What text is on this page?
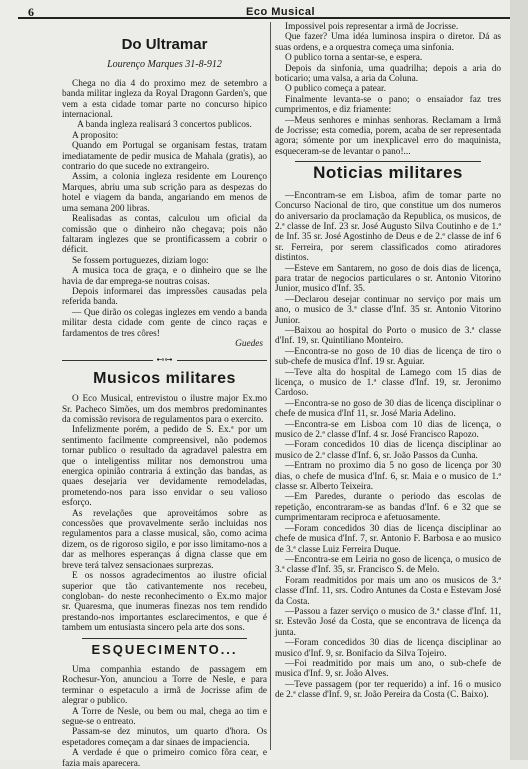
6	Eco Musical
Do Ultramar

Lourenço Marques 31-8-912

Chega no dia 4 do proximo mez de setembro a banda militar ingleza da Royal Dragonn Garden's, que vem a esta cidade tomar parte no concurso hipico internacional.

A banda ingleza realisará 3 concertos publicos.

A proposito:

Quando em Portugal se organisam festas, tratam imediatamente de pedir musica de Mahala (gratis), ao contrario do que sucede no extrangeiro.

Assim, a colonia ingleza residente em Lourenço Marques, abriu uma sub scrição para as despezas do hotel e viagem da banda, angariando em menos de uma semana 200 libras.

Realisadas as contas, calculou um oficial da comissão que o dinheiro não chegava; pois não faltaram inglezes que se prontificassem a cobrir o déficit.

Se fossem portuguezes, diziam logo:

A musica toca de graça, e o dinheiro que se lhe havia de dar emprega-se noutras coisas.

Depois informarei das impressões causadas pela referida banda.

— Que dirão os colegas inglezes em vendo a banda militar desta cidade com gente de cinco raças e fardamentos de tres côres!

Guedes

⊷⊶
Musicos militares

O Eco Musical, entrevistou o ilustre major Ex.mo Sr. Pacheco Simões, um dos membros predominantes da comissão revisora de regulamentos para o exercito.

Infelizmente porém, a pedido de S. Ex.ª por um sentimento facilmente compreensivel, não podemos tornar publico o resultado da agradavel palestra em que o inteligentiss militar nos demonstrou uma energica opinião contraria á extinção das bandas, as quaes desejaria ver devidamente remodeladas, prometendo-nos para isso envidar o seu valioso esforço.

As revelações que aproveitámos sobre as concessões que provavelmente serão incluidas nos regulamentos para a classe musical, são, como acima dizem, os de rigoroso sigilo, e por isso limitamo-nos a dar as melhores esperanças á digna classe que em breve terá talvez sensacionaes surprezas.

E os nossos agradecimentos ao ilustre oficial superior que tão cativantemente nos recebeu, congloban- do neste reconhecimento o Ex.mo major sr. Quaresma, que inumeras finezas nos tem rendido prestando-nos importantes esclarecimentos, e que é tambem um entusiasta sincero pela arte dos sons.

ESQUECIMENTO...

Uma companhia estando de passagem em Rochesur-Yon, anunciou a Torre de Nesle, e para terminar o espetaculo a irmã de Jocrisse afim de alegrar o publico.

A Torre de Nesle, ou bem ou mal, chega ao tim e segue-se o entreato.

Passam-se dez minutos, um quarto d'hora. Os espetadores começam a dar sinaes de impaciencia.

A verdade é que o primeiro comico fôra cear, e fazia mais aparecera.

Impossivel pois representar a irmã de Jocrisse.

Que fazer? Uma idéa luminosa inspira o diretor. Dá as suas ordens, e a orquestra começa uma sinfonia.

O publico torna a sentar-se, e espera.

Depois da sinfonia, uma quadrilha; depois a aria do boticario; uma valsa, a aria da Coluna.

O publico começa a patear.

Finalmente levanta-se o pano; o ensaiador faz tres cumprimentos, e diz friamente:

—Meus senhores e minhas senhoras. Reclamam a Irmã de Jocrisse; esta comedia, porem, acaba de ser representada agora; sómente por um inexplicavel erro do maquinista, esqueceram-se de levantar o pano!...

Noticias militares

—Encontram-se em Lisboa, afim de tomar parte no Concurso Nacional de tiro, que constitue um dos numeros do aniversario da proclamação da Republica, os musicos, de 2.ª classe de Inf. 23 sr. José Augusto Silva Coutinho e de 1.ª de Inf. 35 sr. José Agostinho de Deus e de 2.ª classe de inf 6 sr. Ferreira, por serem classificados como atiradores distintos.

—Esteve em Santarem, no goso de dois dias de licença, para tratar de negocios particulares o sr. Antonio Vitorino Junior, musico d'Inf. 35.

—Declarou desejar continuar no serviço por mais um ano, o musico de 3.ª classe d'Inf. 35 sr. Antonio Vitorino Junior.

—Baixou ao hospital do Porto o musico de 3.ª classe d'Inf. 19, sr. Quintiliano Monteiro.

—Encontra-se no goso de 10 dias de licença de tiro o sub-chefe de musica d'Inf. 19 sr. Aguiar.

—Teve alta do hospital de Lamego com 15 dias de licença, o musico de 1.ª classe d'Inf. 19, sr. Jeronimo Cardoso.

—Encontra-se no goso de 30 dias de licença disciplinar o chefe de musica d'Inf 11, sr. José Maria Adelino.

—Encontra-se em Lisboa com 10 dias de licença, o musico de 2.ª classe d'Inf. 4 sr. José Francisco Rapozo.

—Foram concedidos 10 dias de licença disciplinar ao musico de 2.ª classe d'Inf. 6, sr. João Passos da Cunha.

—Entram no proximo dia 5 no goso de licença por 30 dias, o chefe de musica d'Inf. 6, sr. Maia e o musico de 1.ª classe sr. Alberto Teixeira.

—Em Paredes, durante o periodo das escolas de repetição, encontraram-se as bandas d'Inf. 6 e 32 que se cumprimentaram reciproca e afetuosamente.

—Foram concedidos 30 dias de licença disciplinar ao chefe de musica d'Inf. 7, sr. Antonio F. Barbosa e ao musico de 3.ª classe Luiz Ferreira Duque.

—Encontra-se em Leiria no goso de licença, o musico de 3.ª classe d'Inf. 35, sr. Francisco S. de Melo.

Foram readmitidos por mais um ano os musicos de 3.ª classe d'Inf. 11, srs. Codro Antunes da Costa e Estevam José da Costa.

—Passou a fazer serviço o musico de 3.ª classe d'Inf. 11, sr. Estevão José da Costa, que se encontrava de licença da junta.

—Foram concedidos 30 dias de licença disciplinar ao musico d'Inf. 9, sr. Bonifacio da Silva Tojeiro.

—Foi readmitido por mais um ano, o sub-chefe de musica d'Inf. 9, sr. João Alves.

—Teve passagem (por ter requerido) a inf. 16 o musico de 2.ª classe d'Inf. 9, sr. João Pereira da Costa (C. Baixo).
